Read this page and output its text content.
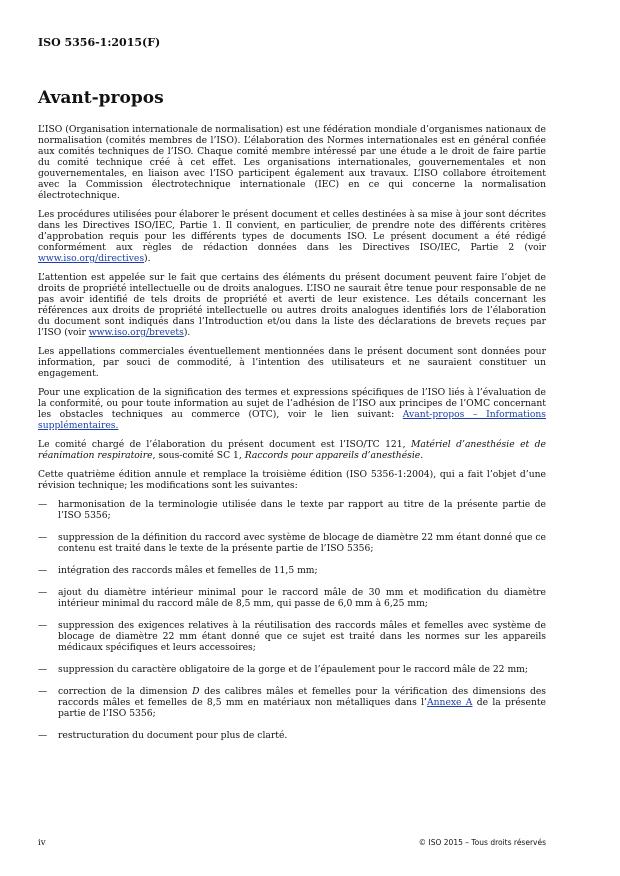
ISO 5356-1:2015(F)
Avant-propos

L’ISO (Organisation internationale de normalisation) est une fédération mondiale d’organismes nationaux de normalisation (comités membres de l’ISO). L’élaboration des Normes internationales est en général confiée aux comités techniques de l’ISO. Chaque comité membre intéressé par une étude a le droit de faire partie du comité technique créé à cet effet. Les organisations internationales, gouvernementales et non gouvernementales, en liaison avec l’ISO participent également aux travaux. L’ISO collabore étroitement avec la Commission électrotechnique internationale (IEC) en ce qui concerne la normalisation électrotechnique.

Les procédures utilisées pour élaborer le présent document et celles destinées à sa mise à jour sont décrites dans les Directives ISO/IEC, Partie 1. Il convient, en particulier, de prendre note des différents critères d’approbation requis pour les différents types de documents ISO. Le présent document a été rédigé conformément aux règles de rédaction données dans les Directives ISO/IEC, Partie 2 (voir www.iso.org/directives).

L’attention est appelée sur le fait que certains des éléments du présent document peuvent faire l’objet de droits de propriété intellectuelle ou de droits analogues. L’ISO ne saurait être tenue pour responsable de ne pas avoir identifié de tels droits de propriété et averti de leur existence. Les détails concernant les références aux droits de propriété intellectuelle ou autres droits analogues identifiés lors de l’élaboration du document sont indiqués dans l’Introduction et/ou dans la liste des déclarations de brevets reçues par l’ISO (voir www.iso.org/brevets).

Les appellations commerciales éventuellement mentionnées dans le présent document sont données pour information, par souci de commodité, à l’intention des utilisateurs et ne sauraient constituer un engagement.

Pour une explication de la signification des termes et expressions spécifiques de l’ISO liés à l’évaluation de la conformité, ou pour toute information au sujet de l’adhésion de l’ISO aux principes de l’OMC concernant les obstacles techniques au commerce (OTC), voir le lien suivant: Avant-propos – Informations supplémentaires.

Le comité chargé de l’élaboration du présent document est l’ISO/TC 121, Matériel d’anesthésie et de réanimation respiratoire, sous-comité SC 1, Raccords pour appareils d’anesthésie.

Cette quatrième édition annule et remplace la troisième édition (ISO 5356-1:2004), qui a fait l’objet d’une révision technique; les modifications sont les suivantes:

— harmonisation de la terminologie utilisée dans le texte par rapport au titre de la présente partie de l’ISO 5356;
— suppression de la définition du raccord avec système de blocage de diamètre 22 mm étant donné que ce contenu est traité dans le texte de la présente partie de l’ISO 5356;
— intégration des raccords mâles et femelles de 11,5 mm;
— ajout du diamètre intérieur minimal pour le raccord mâle de 30 mm et modification du diamètre intérieur minimal du raccord mâle de 8,5 mm, qui passe de 6,0 mm à 6,25 mm;
— suppression des exigences relatives à la réutilisation des raccords mâles et femelles avec système de blocage de diamètre 22 mm étant donné que ce sujet est traité dans les normes sur les appareils médicaux spécifiques et leurs accessoires;
— suppression du caractère obligatoire de la gorge et de l’épaulement pour le raccord mâle de 22 mm;
— correction de la dimension D des calibres mâles et femelles pour la vérification des dimensions des raccords mâles et femelles de 8,5 mm en matériaux non métalliques dans l’Annexe A de la présente partie de l’ISO 5356;
— restructuration du document pour plus de clarté.
iv	© ISO 2015 – Tous droits réservés
